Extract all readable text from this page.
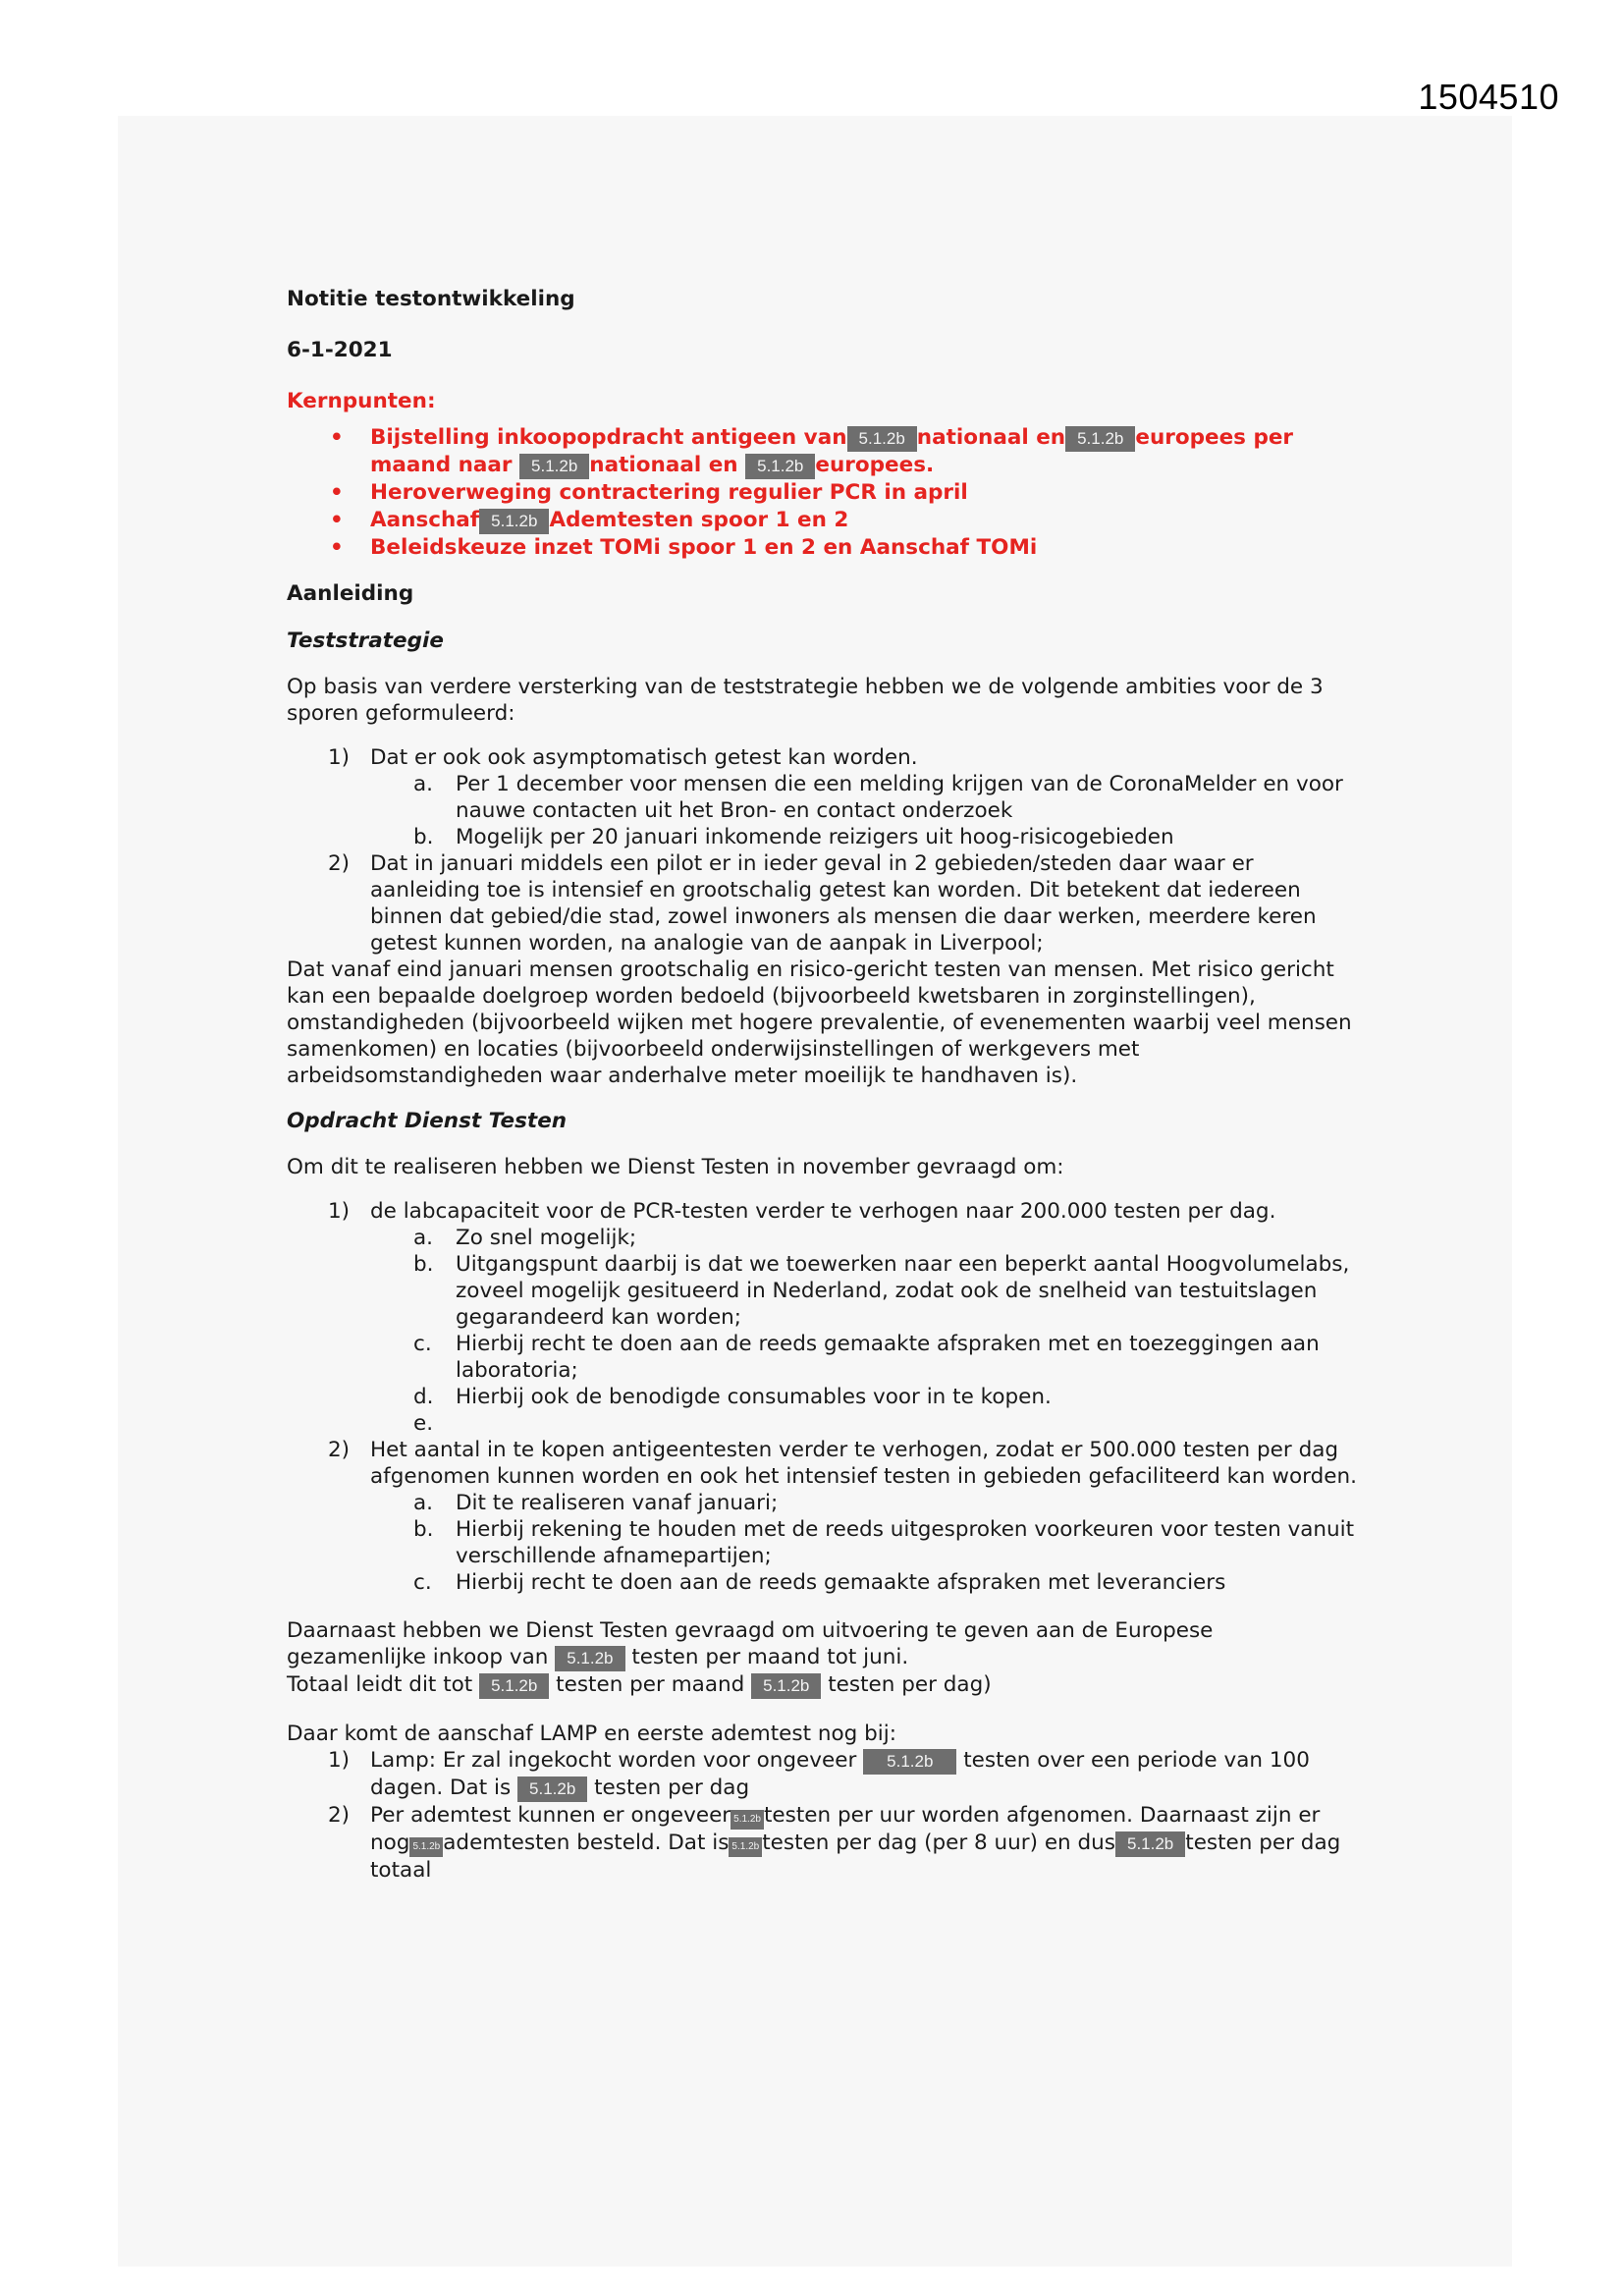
1504510

Notitie testontwikkeling

6-1-2021

Kernpunten:

• Bijstelling inkoopopdracht antigeen van 5.1.2b nationaal en 5.1.2b europees per maand naar 5.1.2b nationaal en 5.1.2b europees.
• Heroverweging contractering regulier PCR in april
• Aanschaf 5.1.2b Ademtesten spoor 1 en 2
• Beleidskeuze inzet TOMi spoor 1 en 2 en Aanschaf TOMi

Aanleiding

Teststrategie

Op basis van verdere versterking van de teststrategie hebben we de volgende ambities voor de 3 sporen geformuleerd:

1) Dat er ook ook asymptomatisch getest kan worden.
a. Per 1 december voor mensen die een melding krijgen van de CoronaMelder en voor nauwe contacten uit het Bron- en contact onderzoek
b. Mogelijk per 20 januari inkomende reizigers uit hoog-risicogebieden
2) Dat in januari middels een pilot er in ieder geval in 2 gebieden/steden daar waar er aanleiding toe is intensief en grootschalig getest kan worden. Dit betekent dat iedereen binnen dat gebied/die stad, zowel inwoners als mensen die daar werken, meerdere keren getest kunnen worden, na analogie van de aanpak in Liverpool;

Dat vanaf eind januari mensen grootschalig en risico-gericht testen van mensen. Met risico gericht kan een bepaalde doelgroep worden bedoeld (bijvoorbeeld kwetsbaren in zorginstellingen), omstandigheden (bijvoorbeeld wijken met hogere prevalentie, of evenementen waarbij veel mensen samenkomen) en locaties (bijvoorbeeld onderwijsinstellingen of werkgevers met arbeidsomstandigheden waar anderhalve meter moeilijk te handhaven is).

Opdracht Dienst Testen

Om dit te realiseren hebben we Dienst Testen in november gevraagd om:

1) de labcapaciteit voor de PCR-testen verder te verhogen naar 200.000 testen per dag.
a. Zo snel mogelijk;
b. Uitgangspunt daarbij is dat we toewerken naar een beperkt aantal Hoogvolumelabs, zoveel mogelijk gesitueerd in Nederland, zodat ook de snelheid van testuitslagen gegarandeerd kan worden;
c. Hierbij recht te doen aan de reeds gemaakte afspraken met en toezeggingen aan laboratoria;
d. Hierbij ook de benodigde consumables voor in te kopen.
e.

2) Het aantal in te kopen antigeentesten verder te verhogen, zodat er 500.000 testen per dag afgenomen kunnen worden en ook het intensief testen in gebieden gefaciliteerd kan worden.
a. Dit te realiseren vanaf januari;
b. Hierbij rekening te houden met de reeds uitgesproken voorkeuren voor testen vanuit verschillende afnamepartijen;
c. Hierbij recht te doen aan de reeds gemaakte afspraken met leveranciers

Daarnaast hebben we Dienst Testen gevraagd om uitvoering te geven aan de Europese gezamenlijke inkoop van 5.1.2b testen per maand tot juni.

Totaal leidt dit tot 5.1.2b testen per maand 5.1.2b testen per dag)

Daar komt de aanschaf LAMP en eerste ademtest nog bij:

1) Lamp: Er zal ingekocht worden voor ongeveer 5.1.2b testen over een periode van 100 dagen. Dat is 5.1.2b testen per dag
2) Per ademtest kunnen er ongeveer 5.1.2b testen per uur worden afgenomen. Daarnaast zijn er nog 5.1.2b ademtesten besteld. Dat is 5.1.2b testen per dag (per 8 uur) en dus 5.1.2b testen per dag totaal
